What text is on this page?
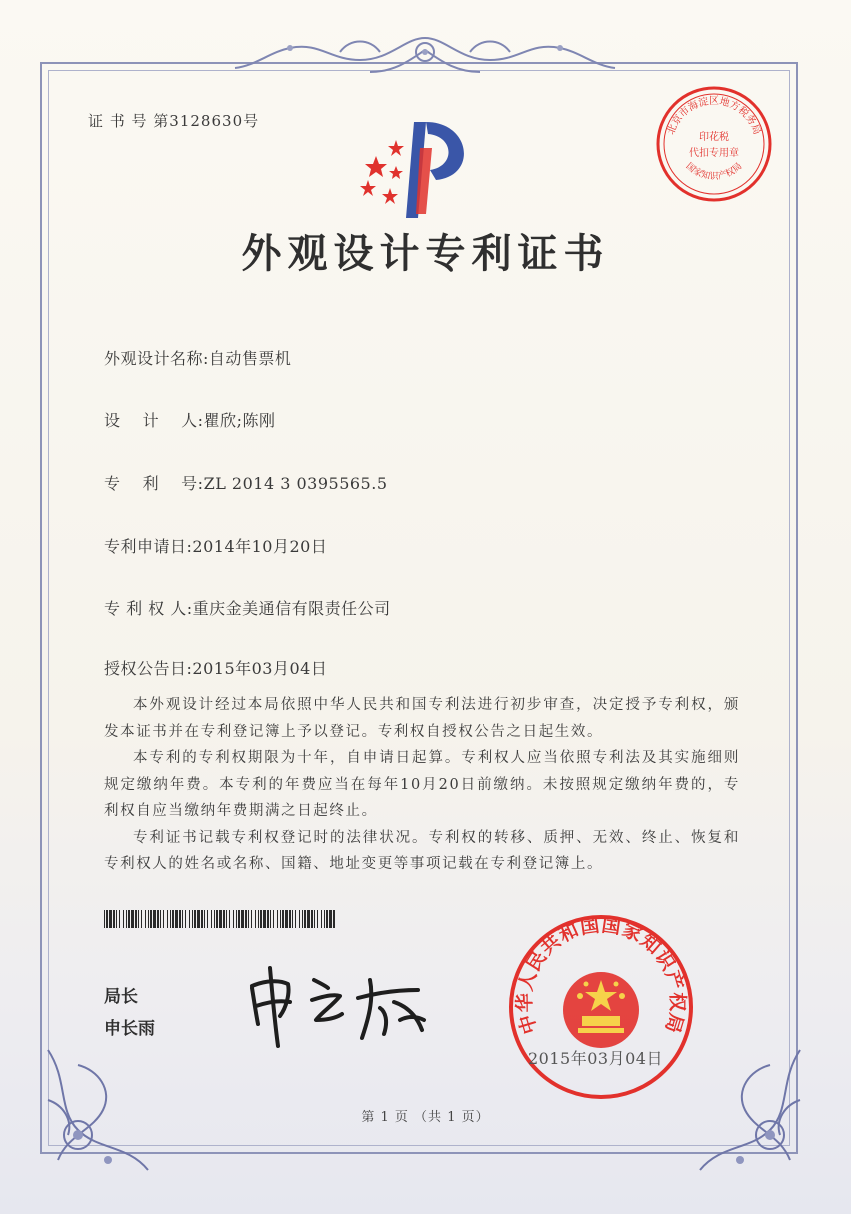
证 书 号 第3128630号	北京市海淀区地方税务局
国家知识产权局
印花税
代扣专用章
外观设计专利证书
外观设计名称:自动售票机
设　 计　 人:瞿欣;陈刚
专　 利　 号:ZL 2014 3 0395565.5
专利申请日:2014年10月20日
专 利 权 人:重庆金美通信有限责任公司
授权公告日:2015年03月04日

本外观设计经过本局依照中华人民共和国专利法进行初步审查，决定授予专利权，颁发本证书并在专利登记簿上予以登记。专利权自授权公告之日起生效。

本专利的专利权期限为十年，自申请日起算。专利权人应当依照专利法及其实施细则规定缴纳年费。本专利的年费应当在每年10月20日前缴纳。未按照规定缴纳年费的，专利权自应当缴纳年费期满之日起终止。

专利证书记载专利权登记时的法律状况。专利权的转移、质押、无效、终止、恢复和专利权人的姓名或名称、国籍、地址变更等事项记载在专利登记簿上。

局长
申长雨	中华人民共和国国家知识产权局
2015年03月04日
第 1 页 （共 1 页）
